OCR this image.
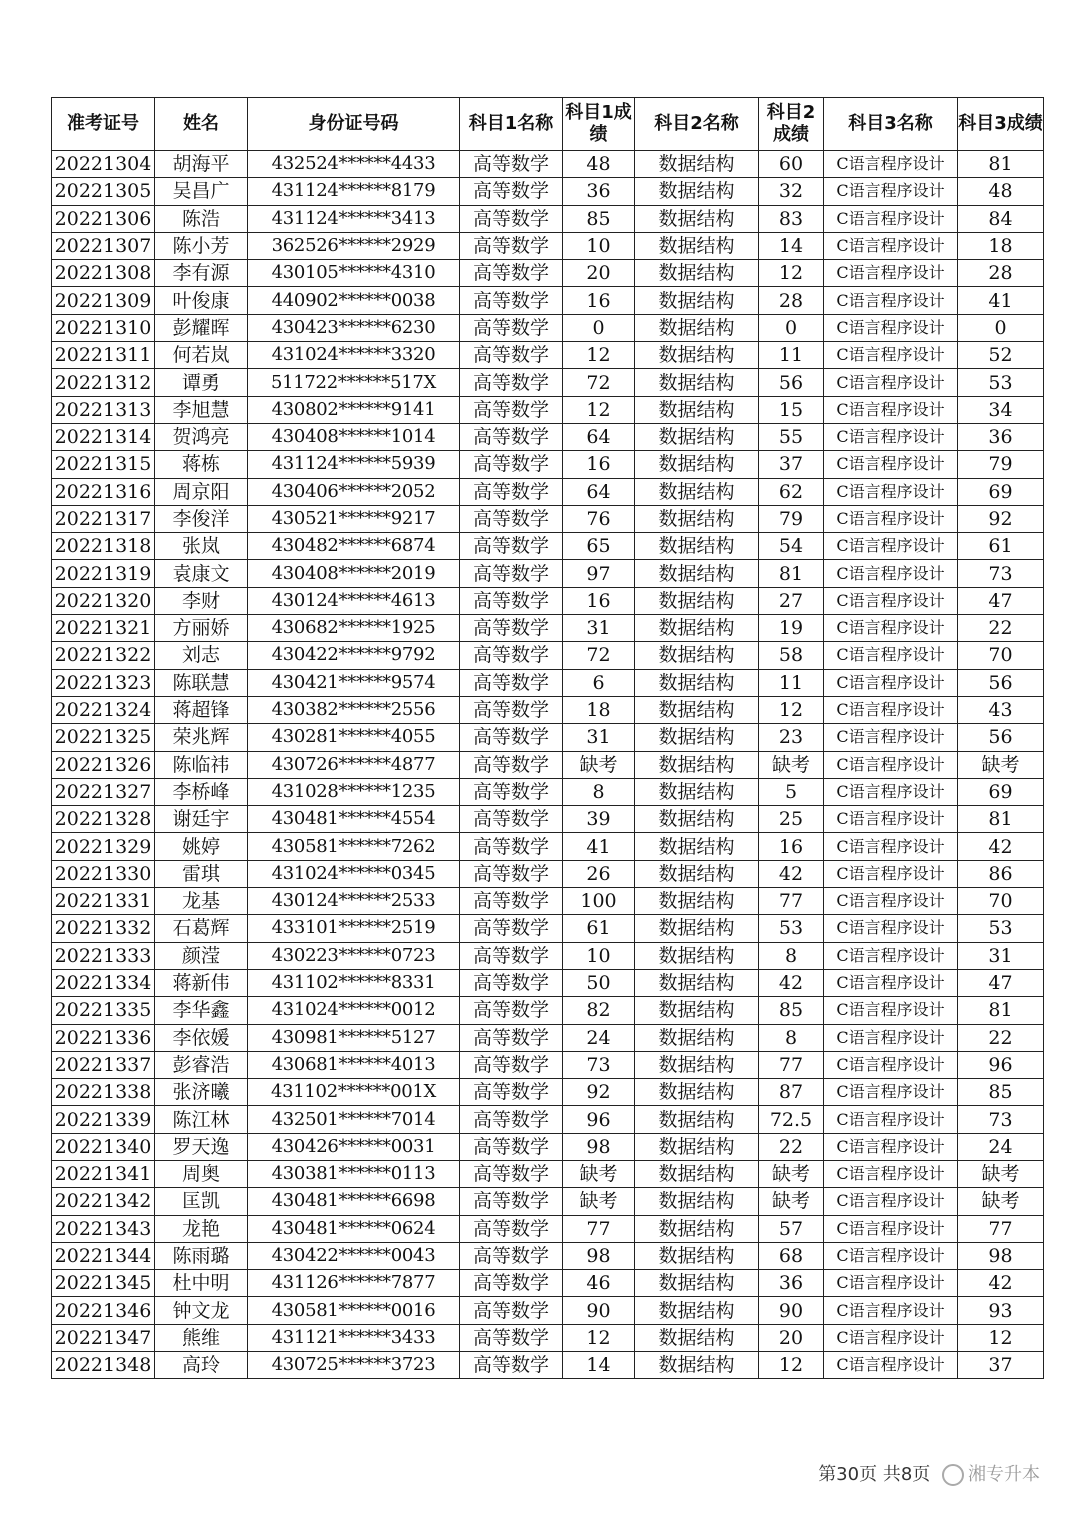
准考证号	姓名	身份证号码	科目1名称	科目1成绩	科目2名称	科目2成绩	科目3名称	科目3成绩
20221304	胡海平	432524******4433	高等数学	48	数据结构	60	C语言程序设计	81
20221305	吴昌广	431124******8179	高等数学	36	数据结构	32	C语言程序设计	48
20221306	陈浩	431124******3413	高等数学	85	数据结构	83	C语言程序设计	84
20221307	陈小芳	362526******2929	高等数学	10	数据结构	14	C语言程序设计	18
20221308	李有源	430105******4310	高等数学	20	数据结构	12	C语言程序设计	28
20221309	叶俊康	440902******0038	高等数学	16	数据结构	28	C语言程序设计	41
20221310	彭耀晖	430423******6230	高等数学	0	数据结构	0	C语言程序设计	0
20221311	何若岚	431024******3320	高等数学	12	数据结构	11	C语言程序设计	52
20221312	谭勇	511722******517X	高等数学	72	数据结构	56	C语言程序设计	53
20221313	李旭慧	430802******9141	高等数学	12	数据结构	15	C语言程序设计	34
20221314	贺鸿亮	430408******1014	高等数学	64	数据结构	55	C语言程序设计	36
20221315	蒋栋	431124******5939	高等数学	16	数据结构	37	C语言程序设计	79
20221316	周京阳	430406******2052	高等数学	64	数据结构	62	C语言程序设计	69
20221317	李俊洋	430521******9217	高等数学	76	数据结构	79	C语言程序设计	92
20221318	张岚	430482******6874	高等数学	65	数据结构	54	C语言程序设计	61
20221319	袁康文	430408******2019	高等数学	97	数据结构	81	C语言程序设计	73
20221320	李财	430124******4613	高等数学	16	数据结构	27	C语言程序设计	47
20221321	方丽娇	430682******1925	高等数学	31	数据结构	19	C语言程序设计	22
20221322	刘志	430422******9792	高等数学	72	数据结构	58	C语言程序设计	70
20221323	陈联慧	430421******9574	高等数学	6	数据结构	11	C语言程序设计	56
20221324	蒋超锋	430382******2556	高等数学	18	数据结构	12	C语言程序设计	43
20221325	荣兆辉	430281******4055	高等数学	31	数据结构	23	C语言程序设计	56
20221326	陈临祎	430726******4877	高等数学	缺考	数据结构	缺考	C语言程序设计	缺考
20221327	李桥峰	431028******1235	高等数学	8	数据结构	5	C语言程序设计	69
20221328	谢廷宇	430481******4554	高等数学	39	数据结构	25	C语言程序设计	81
20221329	姚婷	430581******7262	高等数学	41	数据结构	16	C语言程序设计	42
20221330	雷琪	431024******0345	高等数学	26	数据结构	42	C语言程序设计	86
20221331	龙基	430124******2533	高等数学	100	数据结构	77	C语言程序设计	70
20221332	石葛辉	433101******2519	高等数学	61	数据结构	53	C语言程序设计	53
20221333	颜滢	430223******0723	高等数学	10	数据结构	8	C语言程序设计	31
20221334	蒋新伟	431102******8331	高等数学	50	数据结构	42	C语言程序设计	47
20221335	李华鑫	431024******0012	高等数学	82	数据结构	85	C语言程序设计	81
20221336	李依媛	430981******5127	高等数学	24	数据结构	8	C语言程序设计	22
20221337	彭睿浩	430681******4013	高等数学	73	数据结构	77	C语言程序设计	96
20221338	张济曦	431102******001X	高等数学	92	数据结构	87	C语言程序设计	85
20221339	陈江林	432501******7014	高等数学	96	数据结构	72.5	C语言程序设计	73
20221340	罗天逸	430426******0031	高等数学	98	数据结构	22	C语言程序设计	24
20221341	周奥	430381******0113	高等数学	缺考	数据结构	缺考	C语言程序设计	缺考
20221342	匡凯	430481******6698	高等数学	缺考	数据结构	缺考	C语言程序设计	缺考
20221343	龙艳	430481******0624	高等数学	77	数据结构	57	C语言程序设计	77
20221344	陈雨璐	430422******0043	高等数学	98	数据结构	68	C语言程序设计	98
20221345	杜中明	431126******7877	高等数学	46	数据结构	36	C语言程序设计	42
20221346	钟文龙	430581******0016	高等数学	90	数据结构	90	C语言程序设计	93
20221347	熊维	431121******3433	高等数学	12	数据结构	20	C语言程序设计	12
20221348	高玲	430725******3723	高等数学	14	数据结构	12	C语言程序设计	37
第30页 共8页 湘专升本
